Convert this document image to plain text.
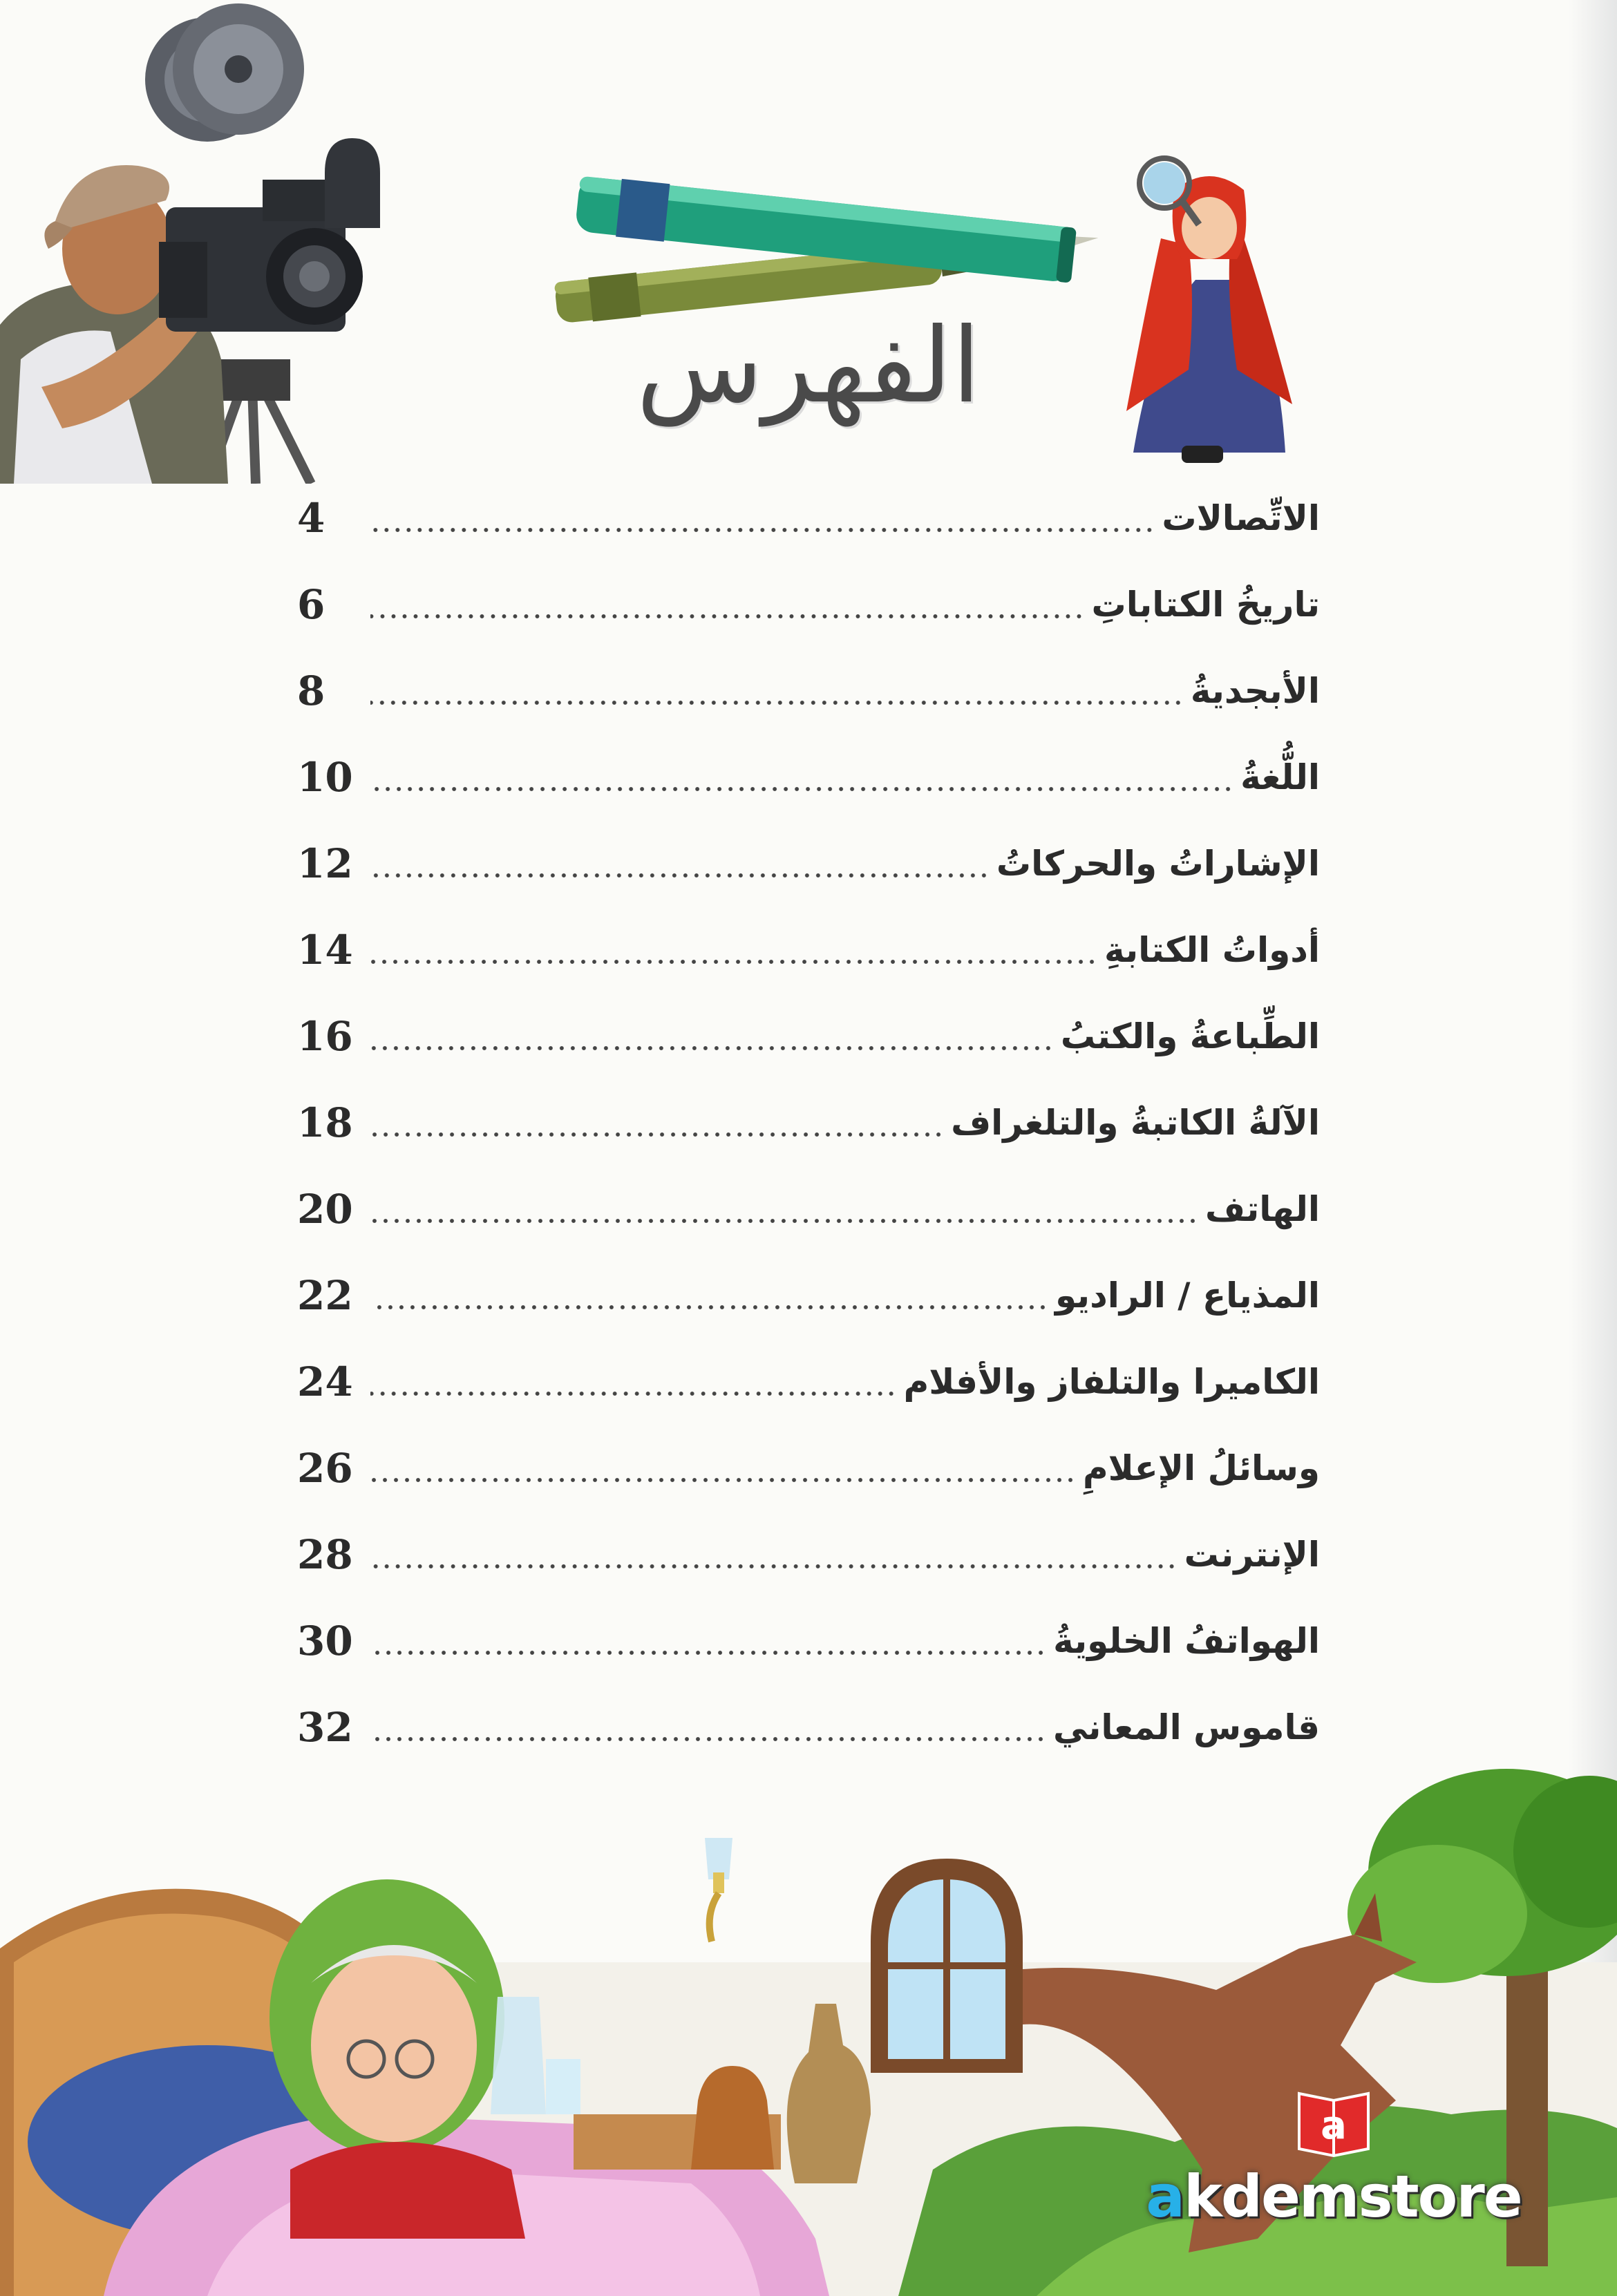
الفهرس
الاتِّصالات
4
تاريخُ الكتاباتِ
6
الأبجديةُ
8
اللُّغةُ
10
الإشاراتُ والحركاتُ
12
أدواتُ الكتابةِ
14
الطِّباعةُ والكتبُ
16
الآلةُ الكاتبةُ والتلغراف
18
الهاتف
20
المذياع / الراديو
22
الكاميرا والتلفاز والأفلام
24
وسائلُ الإعلامِ
26
الإنترنت
28
الهواتفُ الخلويةُ
30
قاموس المعاني
32
a
akdemstore
